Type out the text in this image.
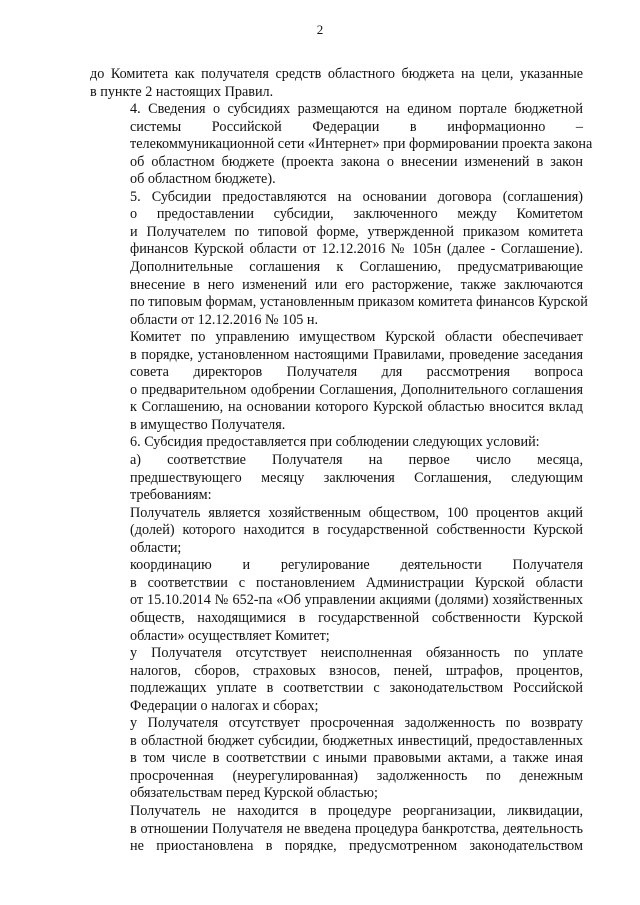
2

до Комитета как получателя средств областного бюджета на цели, указанные
в пункте 2 настоящих Правил.

4. Сведения о субсидиях размещаются на едином портале бюджетной
системы Российской Федерации в информационно –
телекоммуникационной сети «Интернет» при формировании проекта закона
об областном бюджете (проекта закона о внесении изменений в закон
об областном бюджете).

5. Субсидии предоставляются на основании договора (соглашения)
о предоставлении субсидии, заключенного между Комитетом
и Получателем по типовой форме, утвержденной приказом комитета
финансов Курской области от 12.12.2016 № 105н (далее - Соглашение).
Дополнительные соглашения к Соглашению, предусматривающие
внесение в него изменений или его расторжение, также заключаются
по типовым формам, установленным приказом комитета финансов Курской
области от 12.12.2016 № 105 н.

Комитет по управлению имуществом Курской области обеспечивает
в порядке, установленном настоящими Правилами, проведение заседания
совета директоров Получателя для рассмотрения вопроса
о предварительном одобрении Соглашения, Дополнительного соглашения
к Соглашению, на основании которого Курской областью вносится вклад
в имущество Получателя.

6. Субсидия предоставляется при соблюдении следующих условий:

а) соответствие Получателя на первое число месяца,
предшествующего месяцу заключения Соглашения, следующим
требованиям:

Получатель является хозяйственным обществом, 100 процентов акций
(долей) которого находится в государственной собственности Курской
области;

координацию и регулирование деятельности Получателя
в соответствии с постановлением Администрации Курской области
от 15.10.2014 № 652-па «Об управлении акциями (долями) хозяйственных
обществ, находящимися в государственной собственности Курской
области» осуществляет Комитет;

у Получателя отсутствует неисполненная обязанность по уплате
налогов, сборов, страховых взносов, пеней, штрафов, процентов,
подлежащих уплате в соответствии с законодательством Российской
Федерации о налогах и сборах;

у Получателя отсутствует просроченная задолженность по возврату
в областной бюджет субсидии, бюджетных инвестиций, предоставленных
в том числе в соответствии с иными правовыми актами, а также иная
просроченная (неурегулированная) задолженность по денежным
обязательствам перед Курской областью;

Получатель не находится в процедуре реорганизации, ликвидации,
в отношении Получателя не введена процедура банкротства, деятельность
не приостановлена в порядке, предусмотренном законодательством
